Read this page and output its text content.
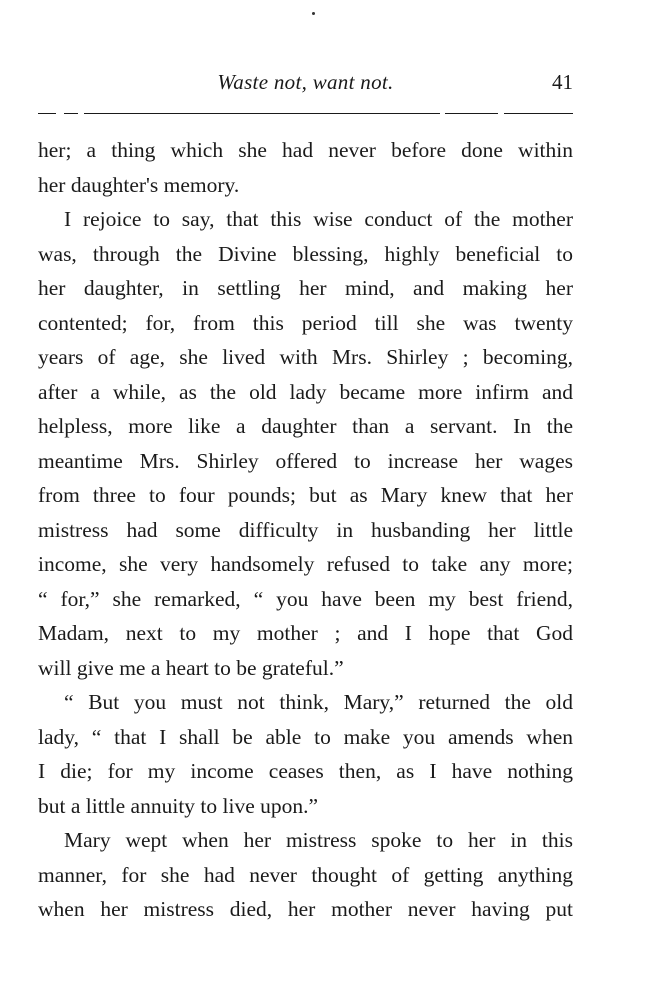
Waste not, want not.	41
her; a thing which she had never before done within
her daughter's memory.
I rejoice to say, that this wise conduct of the mother
was, through the Divine blessing, highly beneficial to
her daughter, in settling her mind, and making her
contented; for, from this period till she was twenty
years of age, she lived with Mrs. Shirley ; becoming,
after a while, as the old lady became more infirm and
helpless, more like a daughter than a servant. In the
meantime Mrs. Shirley offered to increase her wages
from three to four pounds; but as Mary knew that her
mistress had some difficulty in husbanding her little
income, she very handsomely refused to take any more;
“ for,” she remarked, “ you have been my best friend,
Madam, next to my mother ; and I hope that God
will give me a heart to be grateful.”
“ But you must not think, Mary,” returned the old
lady, “ that I shall be able to make you amends when
I die; for my income ceases then, as I have nothing
but a little annuity to live upon.”
Mary wept when her mistress spoke to her in this
manner, for she had never thought of getting anything
when her mistress died, her mother never having put
